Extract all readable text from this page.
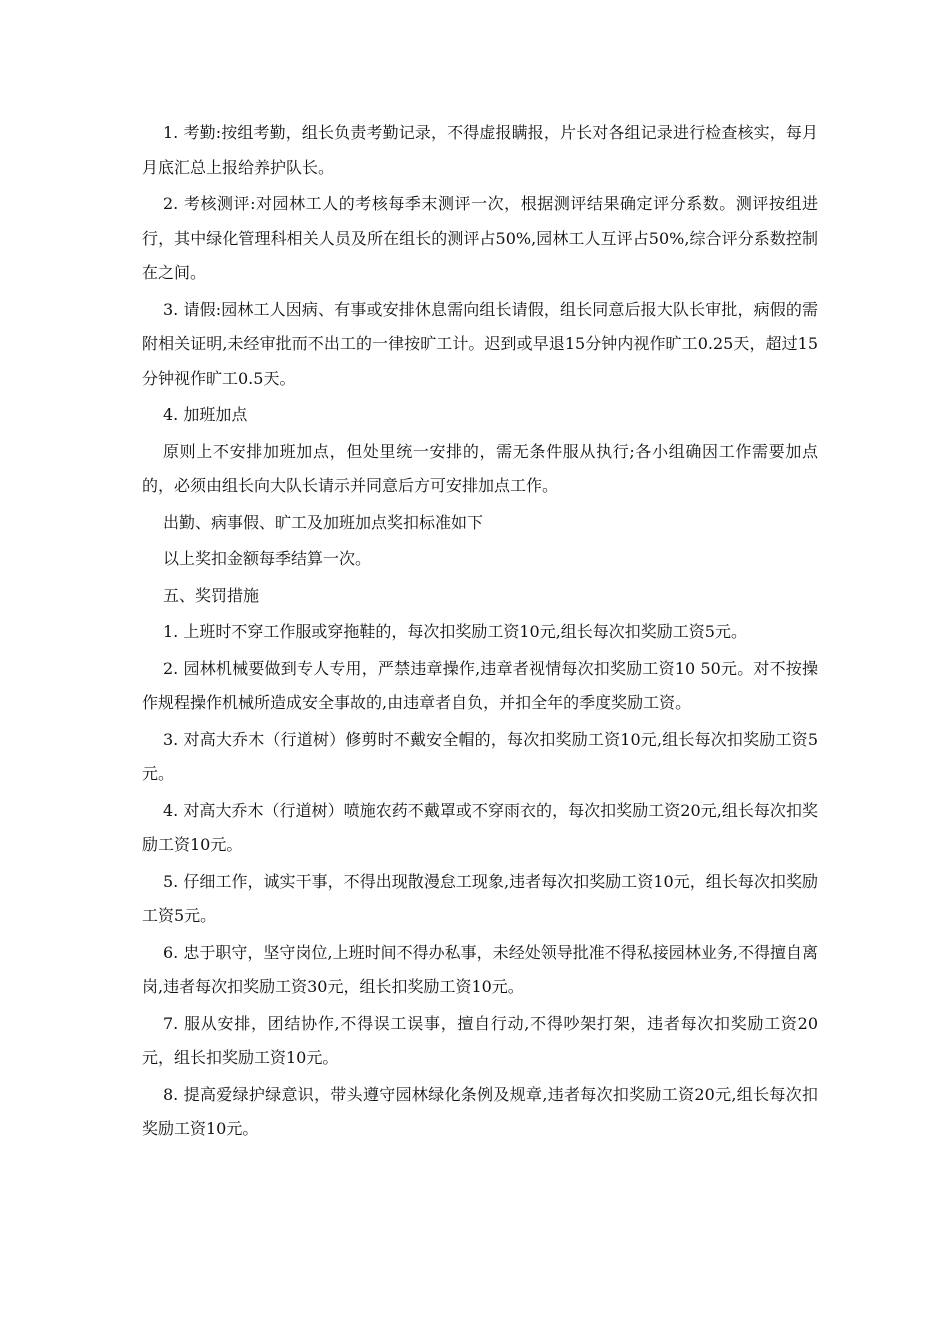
1. 考勤:按组考勤，组长负责考勤记录，不得虚报瞒报，片长对各组记录进行检查核实，每月月底汇总上报给养护队长。

2. 考核测评:对园林工人的考核每季末测评一次，根据测评结果确定评分系数。测评按组进行，其中绿化管理科相关人员及所在组长的测评占50%,园林工人互评占50%,综合评分系数控制在之间。

3. 请假:园林工人因病、有事或安排休息需向组长请假，组长同意后报大队长审批，病假的需附相关证明,未经审批而不出工的一律按旷工计。迟到或早退15分钟内视作旷工0.25天，超过15分钟视作旷工0.5天。

4. 加班加点

原则上不安排加班加点，但处里统一安排的，需无条件服从执行;各小组确因工作需要加点的，必须由组长向大队长请示并同意后方可安排加点工作。

出勤、病事假、旷工及加班加点奖扣标准如下

以上奖扣金额每季结算一次。

五、奖罚措施

1. 上班时不穿工作服或穿拖鞋的，每次扣奖励工资10元,组长每次扣奖励工资5元。

2. 园林机械要做到专人专用，严禁违章操作,违章者视情每次扣奖励工资10 50元。对不按操作规程操作机械所造成安全事故的,由违章者自负，并扣全年的季度奖励工资。

3. 对高大乔木（行道树）修剪时不戴安全帽的，每次扣奖励工资10元,组长每次扣奖励工资5元。

4. 对高大乔木（行道树）喷施农药不戴罩或不穿雨衣的，每次扣奖励工资20元,组长每次扣奖励工资10元。

5. 仔细工作，诚实干事，不得出现散漫怠工现象,违者每次扣奖励工资10元，组长每次扣奖励工资5元。

6. 忠于职守，坚守岗位,上班时间不得办私事，未经处领导批准不得私接园林业务,不得擅自离岗,违者每次扣奖励工资30元，组长扣奖励工资10元。

7. 服从安排，团结协作,不得误工误事，擅自行动,不得吵架打架，违者每次扣奖励工资20元，组长扣奖励工资10元。

8. 提高爱绿护绿意识，带头遵守园林绿化条例及规章,违者每次扣奖励工资20元,组长每次扣奖励工资10元。
